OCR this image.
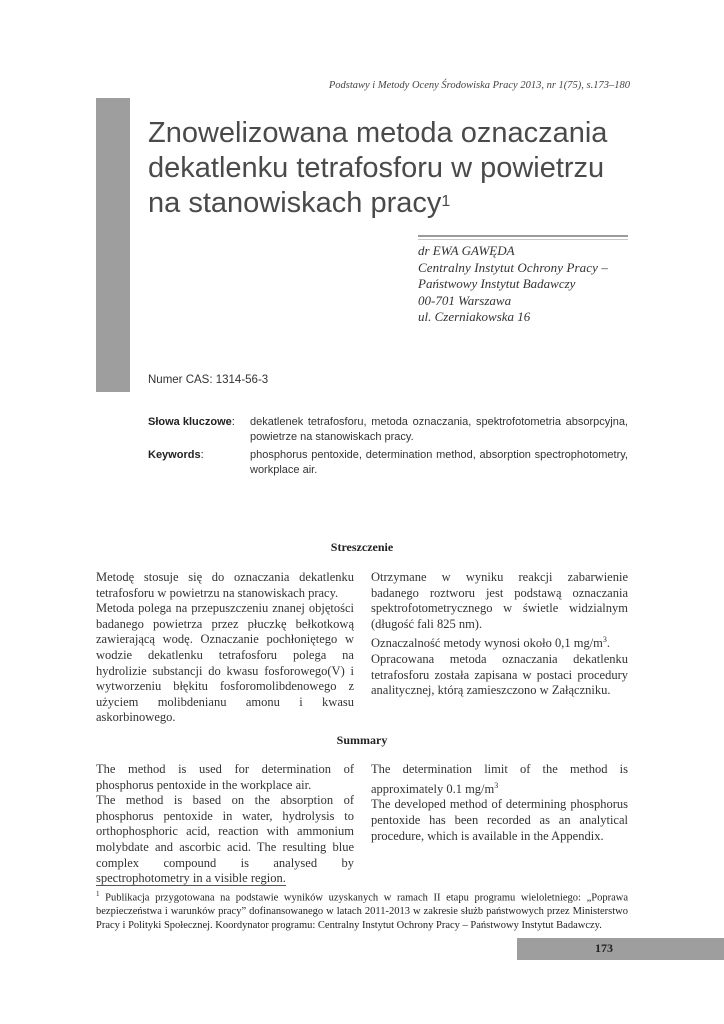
Podstawy i Metody Oceny Środowiska Pracy 2013, nr 1(75), s.173–180
Znowelizowana metoda oznaczania
dekatlenku tetrafosforu w powietrzu
na stanowiskach pracy$^1$
dr EWA GAWĘDA
Centralny Instytut Ochrony Pracy –
Państwowy Instytut Badawczy
00-701 Warszawa
ul. Czerniakowska 16
Numer CAS: 1314-56-3
Słowa kluczowe: dekatlenek tetrafosforu, metoda oznaczania, spektrofotometria absorpcyjna, powietrze na stanowiskach pracy.
Keywords:	phosphorus pentoxide, determination method, absorption spectrophotometry, workplace air.
Streszczenie

Metodę stosuje się do oznaczania dekatlenku tetrafosforu w powietrzu na stanowiskach pracy.

Metoda polega na przepuszczeniu znanej objętości badanego powietrza przez płuczkę bełkotkową zawierającą wodę. Oznaczanie pochłoniętego w wodzie dekatlenku tetrafosforu polega na hydrolizie substancji do kwasu fosforowego(V) i wytworzeniu błękitu fosforomolibdenowego z użyciem molibdenianu amonu i kwasu askorbinowego.

Otrzymane w wyniku reakcji zabarwienie badanego roztworu jest podstawą oznaczania spektrofotometrycznego w świetle widzialnym (długość fali 825 nm).

Oznaczalność metody wynosi około 0,1 $mg/m^3$.

Opracowana metoda oznaczania dekatlenku tetrafosforu została zapisana w postaci procedury analitycznej, którą zamieszczono w Załączniku.

Summary

The method is used for determination of phosphorus pentoxide in the workplace air.

The method is based on the absorption of phosphorus pentoxide in water, hydrolysis to orthophosphoric acid, reaction with ammonium molybdate and ascorbic acid. The resulting blue complex compound is analysed by spectrophotometry in a visible region.

The determination limit of the method is approximately 0.1 $mg/m^3$

The developed method of determining phosphorus pentoxide has been recorded as an analytical procedure, which is available in the Appendix.

$^1$ Publikacja przygotowana na podstawie wyników uzyskanych w ramach II etapu programu wieloletniego: „Poprawa bezpieczeństwa i warunków pracy” dofinansowanego w latach 2011-2013 w zakresie służb państwowych przez Ministerstwo Pracy i Polityki Społecznej. Koordynator programu: Centralny Instytut Ochrony Pracy – Państwowy Instytut Badawczy.
173
